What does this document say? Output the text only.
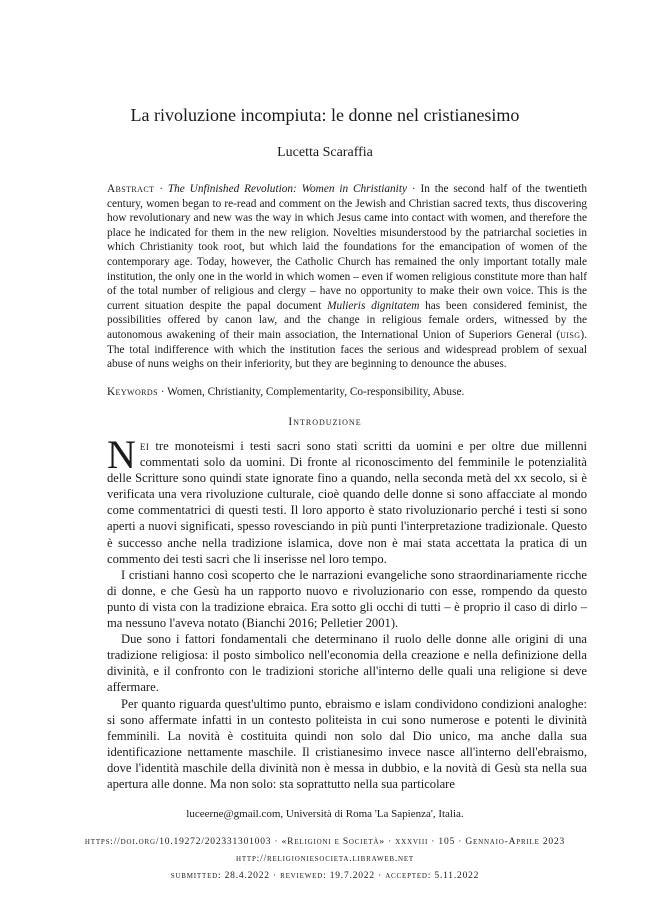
La rivoluzione incompiuta: le donne nel cristianesimo
Lucetta Scaraffia
Abstract · The Unfinished Revolution: Women in Christianity · In the second half of the twentieth century, women began to re-read and comment on the Jewish and Christian sacred texts, thus discovering how revolutionary and new was the way in which Jesus came into contact with women, and therefore the place he indicated for them in the new religion. Novelties misunderstood by the patriarchal societies in which Christianity took root, but which laid the foundations for the emancipation of women of the contemporary age. Today, however, the Catholic Church has remained the only important totally male institution, the only one in the world in which women – even if women religious constitute more than half of the total number of religious and clergy – have no opportunity to make their own voice. This is the current situation despite the papal document Mulieris dignitatem has been considered feminist, the possibilities offered by canon law, and the change in religious female orders, witnessed by the autonomous awakening of their main association, the International Union of Superiors General (uisg). The total indifference with which the institution faces the serious and widespread problem of sexual abuse of nuns weighs on their inferiority, but they are beginning to denounce the abuses.
Keywords · Women, Christianity, Complementarity, Co-responsibility, Abuse.
Introduzione

Nei tre monoteismi i testi sacri sono stati scritti da uomini e per oltre due millenni commentati solo da uomini. Di fronte al riconoscimento del femminile le potenzialità delle Scritture sono quindi state ignorate fino a quando, nella seconda metà del xx secolo, si è verificata una vera rivoluzione culturale, cioè quando delle donne si sono affacciate al mondo come commentatrici di questi testi. Il loro apporto è stato rivoluzionario perché i testi si sono aperti a nuovi significati, spesso rovesciando in più punti l'interpretazione tradizionale. Questo è successo anche nella tradizione islamica, dove non è mai stata accettata la pratica di un commento dei testi sacri che li inserisse nel loro tempo.

I cristiani hanno così scoperto che le narrazioni evangeliche sono straordinariamente ricche di donne, e che Gesù ha un rapporto nuovo e rivoluzionario con esse, rompendo da questo punto di vista con la tradizione ebraica. Era sotto gli occhi di tutti – è proprio il caso di dirlo – ma nessuno l'aveva notato (Bianchi 2016; Pelletier 2001).

Due sono i fattori fondamentali che determinano il ruolo delle donne alle origini di una tradizione religiosa: il posto simbolico nell'economia della creazione e nella definizione della divinità, e il confronto con le tradizioni storiche all'interno delle quali una religione si deve affermare.

Per quanto riguarda quest'ultimo punto, ebraismo e islam condividono condizioni analoghe: si sono affermate infatti in un contesto politeista in cui sono numerose e potenti le divinità femminili. La novità è costituita quindi non solo dal Dio unico, ma anche dalla sua identificazione nettamente maschile. Il cristianesimo invece nasce all'interno dell'ebraismo, dove l'identità maschile della divinità non è messa in dubbio, e la novità di Gesù sta nella sua apertura alle donne. Ma non solo: sta soprattutto nella sua particolare

luceerne@gmail.com, Università di Roma 'La Sapienza', Italia.
https://doi.org/10.19272/202331301003 · «Religioni e Società» · xxxviii · 105 · Gennaio-Aprile 2023
http://religioniesocieta.libraweb.net
submitted: 28.4.2022 · reviewed: 19.7.2022 · accepted: 5.11.2022
